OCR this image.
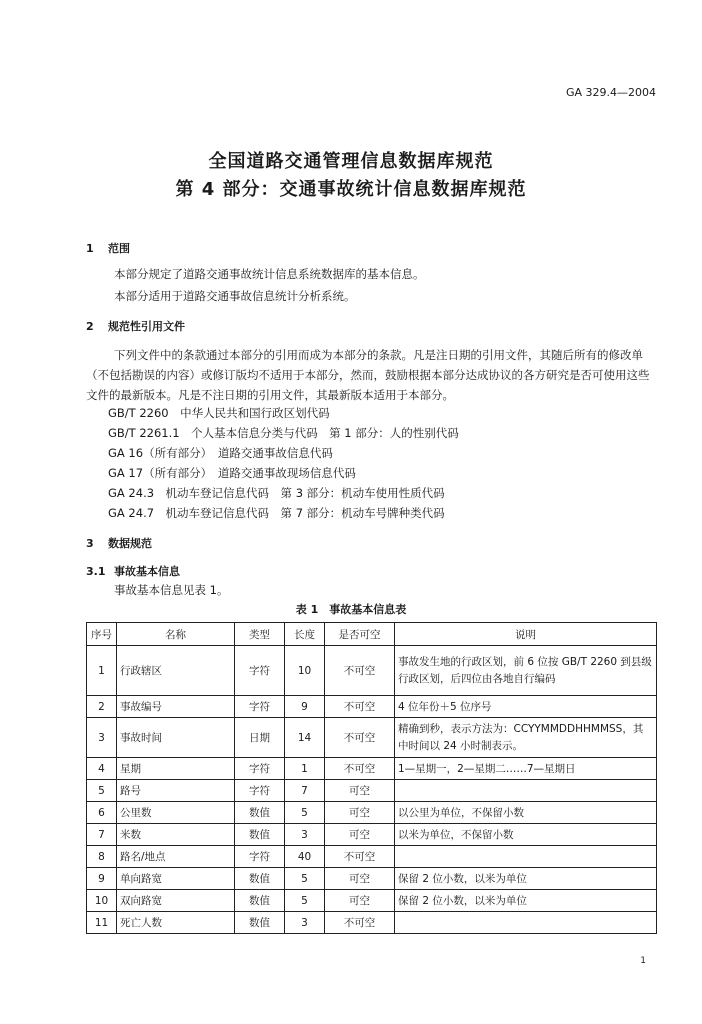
GA 329.4—2004
全国道路交通管理信息数据库规范
第 4 部分：交通事故统计信息数据库规范
1 范围
本部分规定了道路交通事故统计信息系统数据库的基本信息。
本部分适用于道路交通事故信息统计分析系统。
2 规范性引用文件
下列文件中的条款通过本部分的引用而成为本部分的条款。凡是注日期的引用文件，其随后所有的修改单（不包括勘误的内容）或修订版均不适用于本部分，然而，鼓励根据本部分达成协议的各方研究是否可使用这些文件的最新版本。凡是不注日期的引用文件，其最新版本适用于本部分。
GB/T 2260　中华人民共和国行政区划代码
GB/T 2261.1　个人基本信息分类与代码　第 1 部分：人的性别代码
GA 16（所有部分）　道路交通事故信息代码
GA 17（所有部分）　道路交通事故现场信息代码
GA 24.3　机动车登记信息代码　第 3 部分：机动车使用性质代码
GA 24.7　机动车登记信息代码　第 7 部分：机动车号牌种类代码
3 数据规范
3.1 事故基本信息
事故基本信息见表 1。
表 1　事故基本信息表
序号	名称	类型	长度	是否可空	说明
1	行政辖区	字符	10	不可空	事故发生地的行政区划，前 6 位按 GB/T 2260 到县级行政区划，后四位由各地自行编码
2	事故编号	字符	9	不可空	4 位年份＋5 位序号
3	事故时间	日期	14	不可空	精确到秒，表示方法为：CCYYMMDDHHMMSS，其中时间以 24 小时制表示。
4	星期	字符	1	不可空	1—星期一，2—星期二……7—星期日
5	路号	字符	7	可空	
6	公里数	数值	5	可空	以公里为单位，不保留小数
7	米数	数值	3	可空	以米为单位，不保留小数
8	路名/地点	字符	40	不可空	
9	单向路宽	数值	5	可空	保留 2 位小数，以米为单位
10	双向路宽	数值	5	可空	保留 2 位小数，以米为单位
11	死亡人数	数值	3	不可空	
1
